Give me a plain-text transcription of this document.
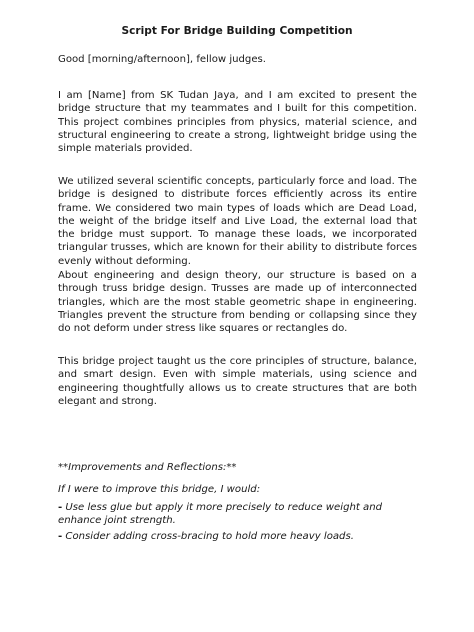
Script For Bridge Building Competition

Good [morning/afternoon], fellow judges.

I am [Name] from SK Tudan Jaya, and I am excited to present the bridge structure that my teammates and I built for this competition. This project combines principles from physics, material science, and structural engineering to create a strong, lightweight bridge using the simple materials provided.

We utilized several scientific concepts, particularly force and load. The bridge is designed to distribute forces efficiently across its entire frame. We considered two main types of loads which are Dead Load, the weight of the bridge itself and Live Load, the external load that the bridge must support. To manage these loads, we incorporated triangular trusses, which are known for their ability to distribute forces evenly without deforming.

About engineering and design theory, our structure is based on a through truss bridge design. Trusses are made up of interconnected triangles, which are the most stable geometric shape in engineering. Triangles prevent the structure from bending or collapsing since they do not deform under stress like squares or rectangles do.

This bridge project taught us the core principles of structure, balance, and smart design. Even with simple materials, using science and engineering thoughtfully allows us to create structures that are both elegant and strong.

**Improvements and Reflections:**

If I were to improve this bridge, I would:

- Use less glue but apply it more precisely to reduce weight and enhance joint strength.

- Consider adding cross-bracing to hold more heavy loads.
